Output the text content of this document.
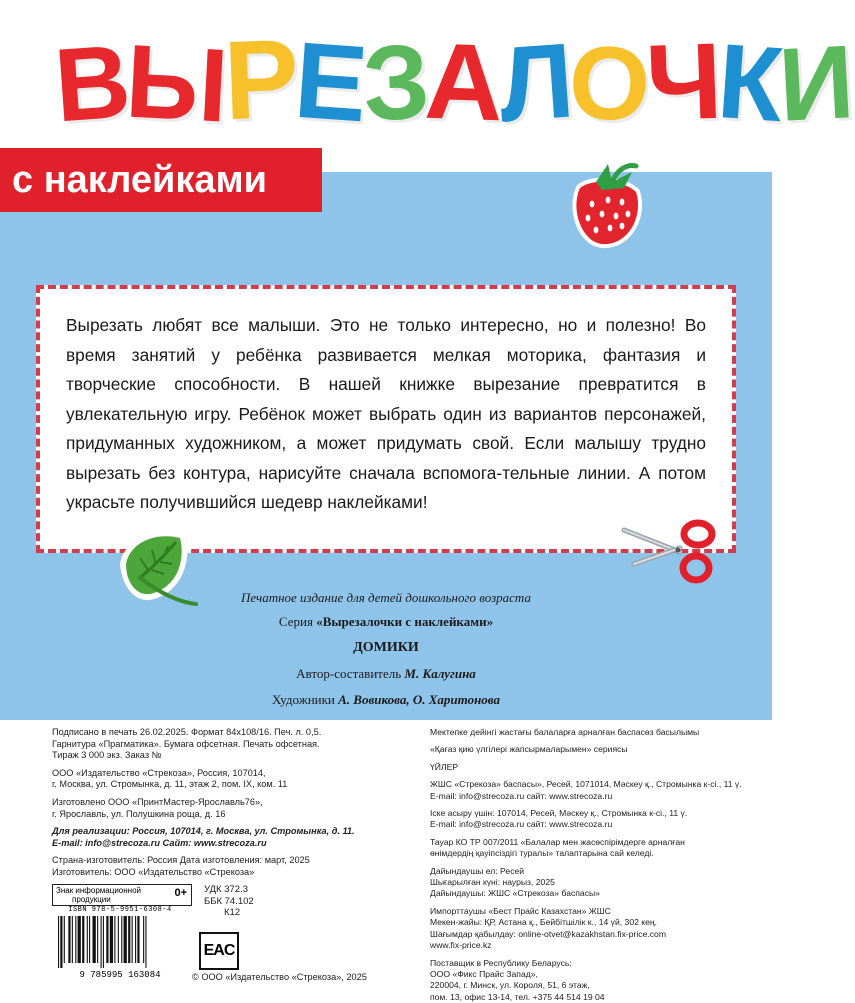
В
Ы
Р
Е
З
А
Л
О
Ч
К
И
с наклейками
Вырезать любят все малыши. Это не только интересно, но и полезно! Во время занятий у ребёнка развивается мелкая моторика, фантазия и творческие способности. В нашей книжке вырезание превратится в увлекательную игру. Ребёнок может выбрать один из вариантов персонажей, придуманных художником, а может придумать свой. Если малышу трудно вырезать без контура, нарисуйте сначала вспомога-тельные линии. А потом украсьте получившийся шедевр наклейками!
Печатное издание для детей дошкольного возраста
Серия «Вырезалочки с наклейками»
ДОМИКИ
Автор-составитель М. Калугина
Художники А. Вовикова, О. Харитонова

Подписано в печать 26.02.2025. Формат 84х108/16. Печ. л. 0,5.

Гарнитура «Прагматика». Бумага офсетная. Печать офсетная.

Тираж 3 000 экз. Заказ №

ООО «Издательство «Стрекоза», Россия, 107014,

г. Москва, ул. Стромынка, д. 11, этаж 2, пом. IX, ком. 11

Изготовлено ООО «ПринтМастер-Ярославль76»,

г. Ярославль, ул. Полушкина роща, д. 16

Для реализации: Россия, 107014, г. Москва, ул. Стромынка, д. 11.

E-mail: info@strecoza.ru Сайт: www.strecoza.ru

Страна-изготовитель: Россия Дата изготовления: март, 2025

Изготовитель: ООО «Издательство «Стрекоза»

Знак информационной
продукции
0+ УДК 372.3

ББК 74.102

К12

ISBN 978-5-9951-6308-4
9 785995 163084
EAC
© ООО «Издательство «Стрекоза», 2025

Мектепке дейінгі жастағы балаларға арналған баспасөз басылымы

«Қағаз қию үлгілері жапсырмаларымен» сериясы

ҮЙЛЕР

ЖШС «Стрекоза» баспасы», Ресей, 1071014, Мәскеу қ., Стромынка к-сі., 11 ү.

E-mail: info@strecoza.ru сайт: www.strecoza.ru

Іске асыру үшін: 107014, Ресей, Мәскеу қ., Стромынка к-сі., 11 ү.

E-mail: info@strecoza.ru сайт: www.strecoza.ru

Тауар КО ТР 007/2011 «Балалар мен жасөспірімдерге арналған

өнімдердің қауіпсіздігі туралы» талаптарына сай келеді.

Дайындаушы ел: Ресей

Шығарылған күні: наурыз, 2025

Дайындаушы: ЖШС «Стрекоза» баспасы»

Импорттаушы «Бест Прайс Казахстан» ЖШС

Мекен-жайы: ҚР, Астана қ., Бейбітшілік к., 14 үй, 302 кең.

Шағымдар қабылдау: online-otvet@kazakhstan.fix-price.com

www.fix-price.kz

Поставщик в Республику Беларусь:

ООО «Фикс Прайс Запад»,

220004, г. Минск, ул. Короля, 51, 6 этаж,

пом. 13, офис 13-14, тел. +375 44 514 19 04
